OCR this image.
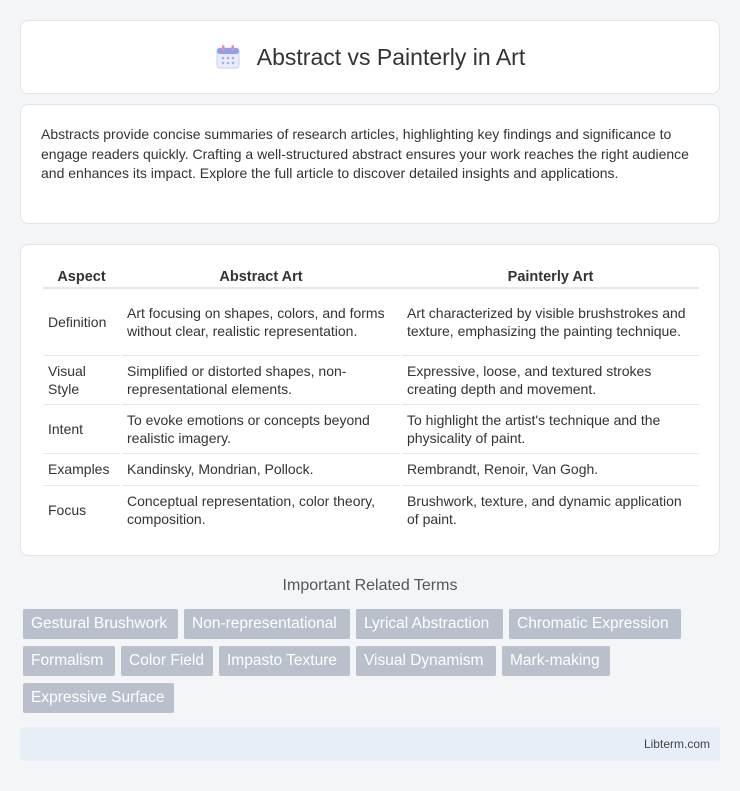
Abstract vs Painterly in Art

Abstracts provide concise summaries of research articles, highlighting key findings and significance to engage readers quickly. Crafting a well-structured abstract ensures your work reaches the right audience and enhances its impact. Explore the full article to discover detailed insights and applications.

Aspect	Abstract Art	Painterly Art
Definition	Art focusing on shapes, colors, and forms without clear, realistic representation.	Art characterized by visible brushstrokes and texture, emphasizing the painting technique.
Visual Style	Simplified or distorted shapes, non-representational elements.	Expressive, loose, and textured strokes creating depth and movement.
Intent	To evoke emotions or concepts beyond realistic imagery.	To highlight the artist's technique and the physicality of paint.
Examples	Kandinsky, Mondrian, Pollock.	Rembrandt, Renoir, Van Gogh.
Focus	Conceptual representation, color theory, composition.	Brushwork, texture, and dynamic application of paint.
Important Related Terms
Gestural Brushwork	Non-representational	Lyrical Abstraction	Chromatic Expression
Formalism	Color Field	Impasto Texture	Visual Dynamism	Mark-making
Expressive Surface
Libterm.com
